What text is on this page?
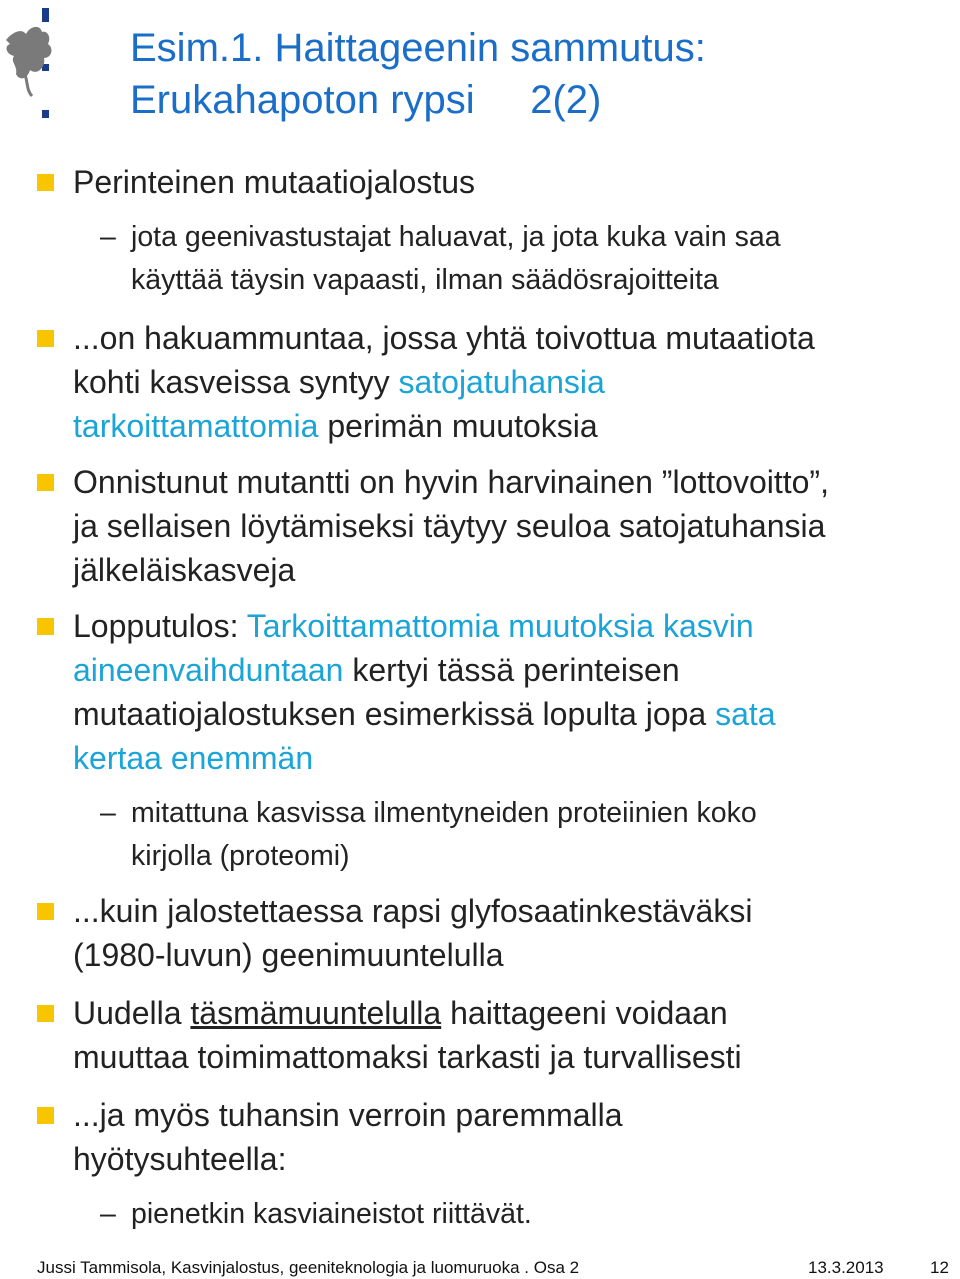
Esim.1. Haittageenin sammutus:
Erukahapoton rypsi     2(2)
Perinteinen mutaatiojalostus
– jota geenivastustajat haluavat, ja jota kuka vain saa
käyttää täysin vapaasti, ilman säädösrajoitteita
...on hakuammuntaa, jossa yhtä toivottua mutaatiota
kohti kasveissa syntyy satojatuhansia
tarkoittamattomia perimän muutoksia
Onnistunut mutantti on hyvin harvinainen ”lottovoitto”,
ja sellaisen löytämiseksi täytyy seuloa satojatuhansia
jälkeläiskasveja
Lopputulos: Tarkoittamattomia muutoksia kasvin
aineenvaihduntaan kertyi tässä perinteisen
mutaatiojalostuksen esimerkissä lopulta jopa sata
kertaa enemmän
– mitattuna kasvissa ilmentyneiden proteiinien koko
kirjolla (proteomi)
...kuin jalostettaessa rapsi glyfosaatinkestäväksi
(1980-luvun) geenimuuntelulla
Uudella täsmämuuntelulla haittageeni voidaan
muuttaa toimimattomaksi tarkasti ja turvallisesti
...ja myös tuhansin verroin paremmalla
hyötysuhteella:
– pienetkin kasviaineistot riittävät.
Jussi Tammisola, Kasvinjalostus, geeniteknologia ja luomuruoka . Osa 2	13.3.2013	12
